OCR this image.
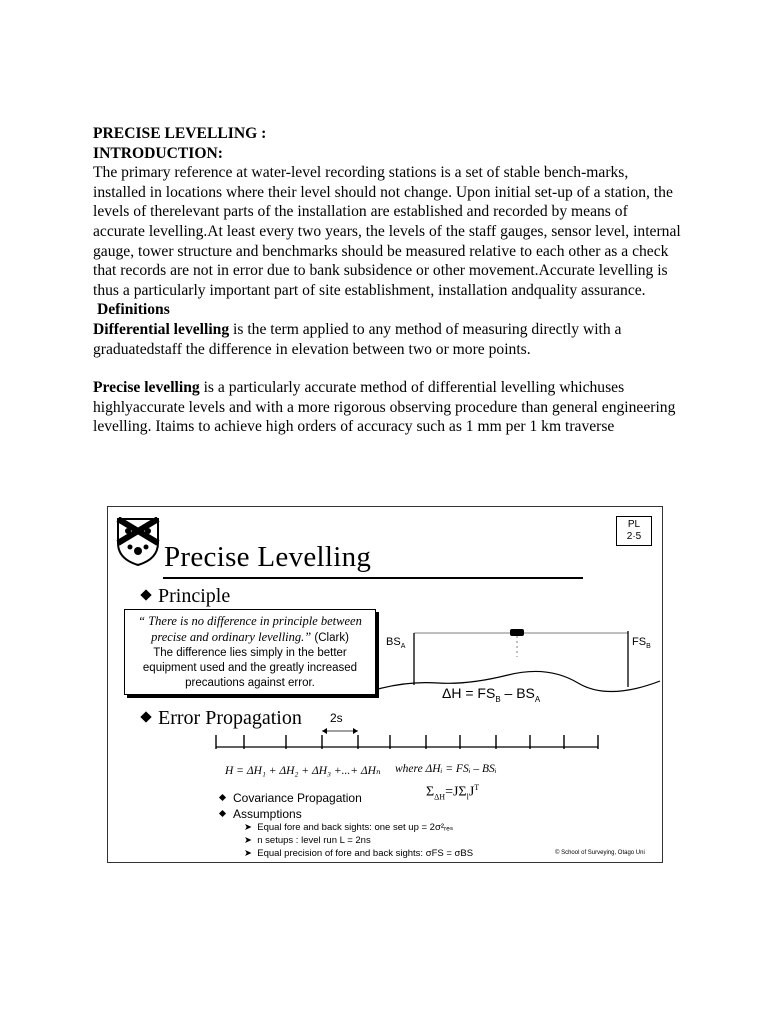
PRECISE LEVELLING :

INTRODUCTION:

The primary reference at water-level recording stations is a set of stable bench-marks, installed in locations where their level should not change. Upon initial set-up of a station, the levels of therelevant parts of the installation are established and recorded by means of accurate levelling.At least every two years, the levels of the staff gauges, sensor level, internal gauge, tower structure and benchmarks should be measured relative to each other as a check that records are not in error due to bank subsidence or other movement.Accurate levelling is thus a particularly important part of site establishment, installation andquality assurance.

Definitions

Differential levelling is the term applied to any method of measuring directly with a graduatedstaff the difference in elevation between two or more points.

Precise levelling is a particularly accurate method of differential levelling whichuses highlyaccurate levels and with a more rigorous observing procedure than general engineering levelling. Itaims to achieve high orders of accuracy such as 1 mm per 1 km traverse

Precise Levelling
PL
2·5
Principle
“ There is no difference in principle between
precise and ordinary levelling.” (Clark)
The difference lies simply in the better
equipment used and the greatly increased
precautions against error.
$BS_A$	$FS_B$
$\Delta H = FS_B - BS_A$
Error Propagation 2s
H = ΔH₁ + ΔH₂ + ΔH₃ +...+ ΔHₙ where ΔHᵢ = FSᵢ – BSᵢ
$\Sigma_{\Delta H}=J\Sigma_lJ^T$
Covariance Propagation
Assumptions
➤  Equal fore and back sights: one set up = 2σ²ᵣₑₛ
➤  n setups : level run L = 2ns
➤  Equal precision of fore and back sights: σFS = σBS	© School of Surveying, Otago Uni
